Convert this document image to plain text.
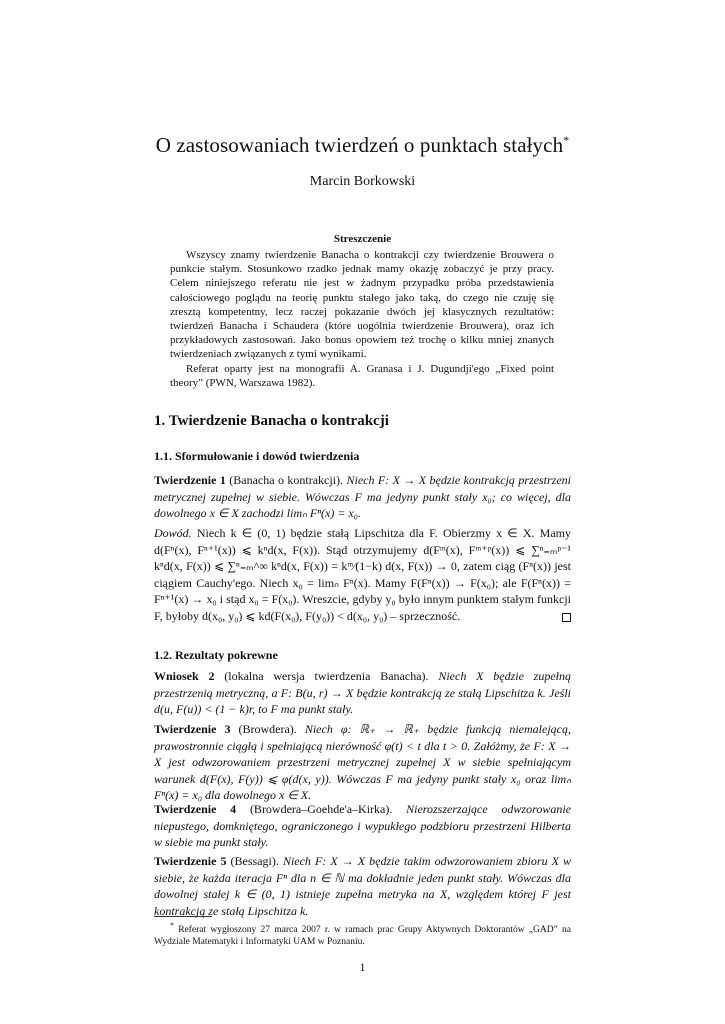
O zastosowaniach twierdzeń o punktach stałych*
Marcin Borkowski
Streszczenie

Wszyscy znamy twierdzenie Banacha o kontrakcji czy twierdzenie Brouwera o punkcie stałym. Stosunkowo rzadko jednak mamy okazję zobaczyć je przy pracy. Celem niniejszego referatu nie jest w żadnym przypadku próba przedstawienia całościowego poglądu na teorię punktu stałego jako taką, do czego nie czuję się zresztą kompetentny, lecz raczej pokazanie dwóch jej klasycznych rezultatów: twierdzeń Banacha i Schaudera (które uogólnia twierdzenie Brouwera), oraz ich przykładowych zastosowań. Jako bonus opowiem też trochę o kilku mniej znanych twierdzeniach związanych z tymi wynikami.

Referat oparty jest na monografii A. Granasa i J. Dugundji'ego „Fixed point theory” (PWN, Warszawa 1982).

1. Twierdzenie Banacha o kontrakcji
1.1. Sformułowanie i dowód twierdzenia

Twierdzenie 1 (Banacha o kontrakcji). Niech F: X → X będzie kontrakcją przestrzeni metrycznej zupełnej w siebie. Wówczas F ma jedyny punkt stały x₀; co więcej, dla dowolnego x ∈ X zachodzi limₙ Fⁿ(x) = x₀.

Dowód. Niech k ∈ (0, 1) będzie stałą Lipschitza dla F. Obierzmy x ∈ X. Mamy d(Fⁿ(x), Fⁿ⁺¹(x)) ⩽ kⁿd(x, F(x)). Stąd otrzymujemy d(Fᵐ(x), Fᵐ⁺ᵖ(x)) ⩽ ∑ⁿ₌ₘᵖ⁻¹ kⁿd(x, F(x)) ⩽ ∑ⁿ₌ₘ^∞ kⁿd(x, F(x)) = kᵐ⁄(1−k) d(x, F(x)) → 0, zatem ciąg (Fⁿ(x)) jest ciągiem Cauchy'ego. Niech x₀ = limₙ Fⁿ(x). Mamy F(Fⁿ(x)) → F(x₀); ale F(Fⁿ(x)) = Fⁿ⁺¹(x) → x₀ i stąd x₀ = F(x₀). Wreszcie, gdyby y₀ było innym punktem stałym funkcji F, byłoby d(x₀, y₀) ⩽ kd(F(x₀), F(y₀)) < d(x₀, y₀) – sprzeczność.

1.2. Rezultaty pokrewne

Wniosek 2 (lokalna wersja twierdzenia Banacha). Niech X będzie zupełną przestrzenią metryczną, a F: B(u, r) → X będzie kontrakcją ze stałą Lipschitza k. Jeśli d(u, F(u)) < (1 − k)r, to F ma punkt stały.

Twierdzenie 3 (Browdera). Niech φ: ℝ₊ → ℝ₊ będzie funkcją niemalejącą, prawostronnie ciągłą i spełniającą nierówność φ(t) < t dla t > 0. Załóżmy, że F: X → X jest odwzorowaniem przestrzeni metrycznej zupełnej X w siebie spełniającym warunek d(F(x), F(y)) ⩽ φ(d(x, y)). Wówczas F ma jedyny punkt stały x₀ oraz limₙ Fⁿ(x) = x₀ dla dowolnego x ∈ X.

Twierdzenie 4 (Browdera–Goehde'a–Kirka). Nierozszerzające odwzorowanie niepustego, domkniętego, ograniczonego i wypukłego podzbioru przestrzeni Hilberta w siebie ma punkt stały.

Twierdzenie 5 (Bessagi). Niech F: X → X będzie takim odwzorowaniem zbioru X w siebie, że każda iteracja Fⁿ dla n ∈ ℕ ma dokładnie jeden punkt stały. Wówczas dla dowolnej stałej k ∈ (0, 1) istnieje zupełna metryka na X, względem której F jest kontrakcją ze stałą Lipschitza k.

* Referat wygłoszony 27 marca 2007 r. w ramach prac Grupy Aktywnych Doktorantów „GAD” na Wydziale Matematyki i Informatyki UAM w Poznaniu.

1
